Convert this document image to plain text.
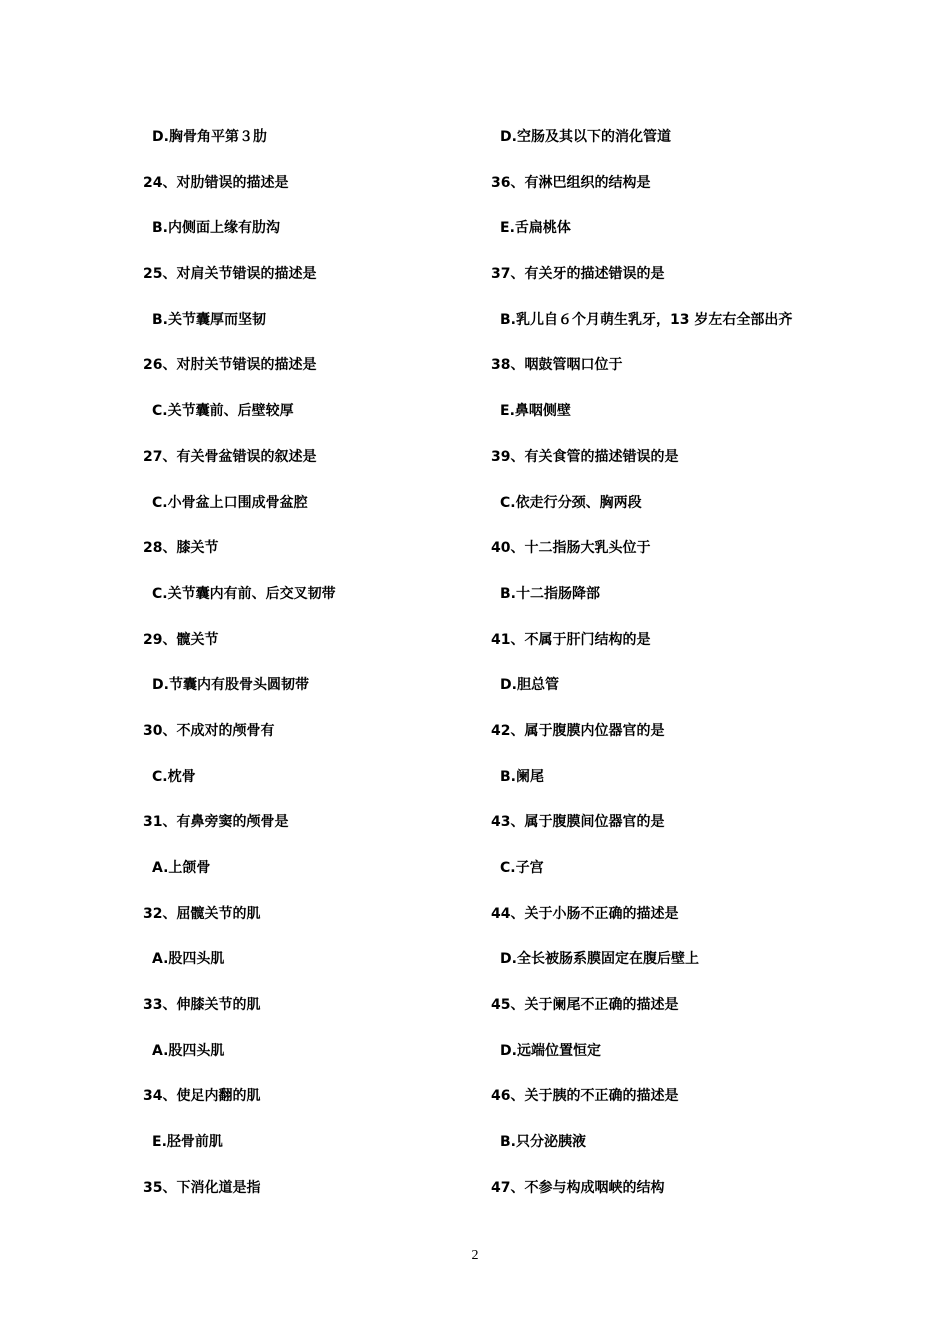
D.胸骨角平第３肋
24、对肋错误的描述是
B.内侧面上缘有肋沟
25、对肩关节错误的描述是
B.关节囊厚而坚韧
26、对肘关节错误的描述是
C.关节囊前、后壁较厚
27、有关骨盆错误的叙述是
C.小骨盆上口围成骨盆腔
28、膝关节
C.关节囊内有前、后交叉韧带
29、髋关节
D.节囊内有股骨头圆韧带
30、不成对的颅骨有
C.枕骨
31、有鼻旁窦的颅骨是
A.上颌骨
32、屈髋关节的肌
A.股四头肌
33、伸膝关节的肌
A.股四头肌
34、使足内翻的肌
E.胫骨前肌
35、下消化道是指
D.空肠及其以下的消化管道
36、有淋巴组织的结构是
E.舌扁桃体
37、有关牙的描述错误的是
B.乳儿自６个月萌生乳牙，13 岁左右全部出齐
38、咽鼓管咽口位于
E.鼻咽侧壁
39、有关食管的描述错误的是
C.依走行分颈、胸两段
40、十二指肠大乳头位于
B.十二指肠降部
41、不属于肝门结构的是
D.胆总管
42、属于腹膜内位器官的是
B.阑尾
43、属于腹膜间位器官的是
C.子宫
44、关于小肠不正确的描述是
D.全长被肠系膜固定在腹后壁上
45、关于阑尾不正确的描述是
D.远端位置恒定
46、关于胰的不正确的描述是
B.只分泌胰液
47、不参与构成咽峡的结构
2
